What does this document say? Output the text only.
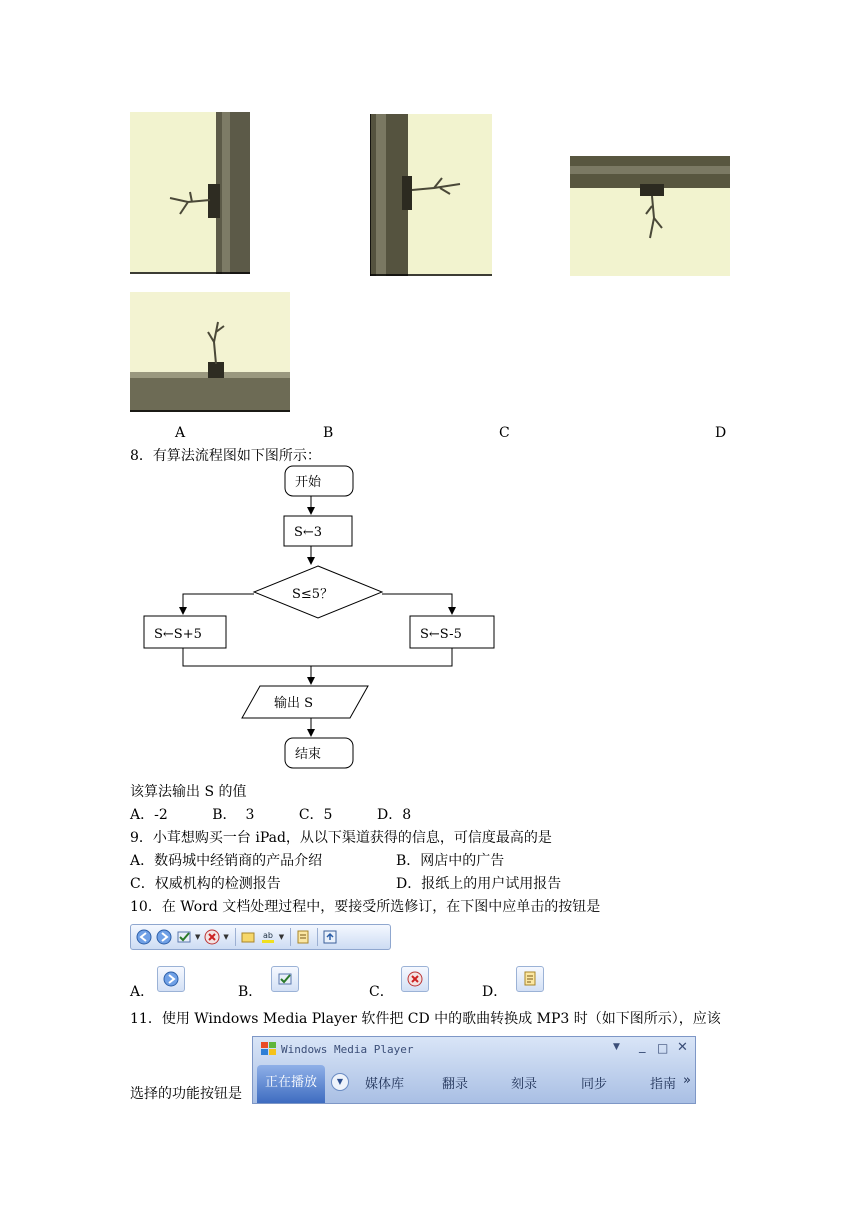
A	B	C	D
8．有算法流程图如下图所示：
开始
S←3
S≤5？
S←S+5	S←S-5
输出 S
结束
该算法输出 S 的值
A．-2          B．  3          C．5          D．8
9．小茸想购买一台 iPad，从以下渠道获得的信息，可信度最高的是
A．数码城中经销商的产品介绍	B．网店中的广告
C．权威机构的检测报告	D．报纸上的用户试用报告
10．在 Word 文档处理过程中，要接受所选修订，在下图中应单击的按钮是
▼	▼	ab ▼
A．	B．	C．	D．
11．使用 Windows Media Player 软件把 CD 中的歌曲转换成 MP3 时（如下图所示），应该
Windows Media Player	▼ _ □ ✕
正在播放	▼	媒体库	翻录	刻录	同步	指南 »
选择的功能按钮是
